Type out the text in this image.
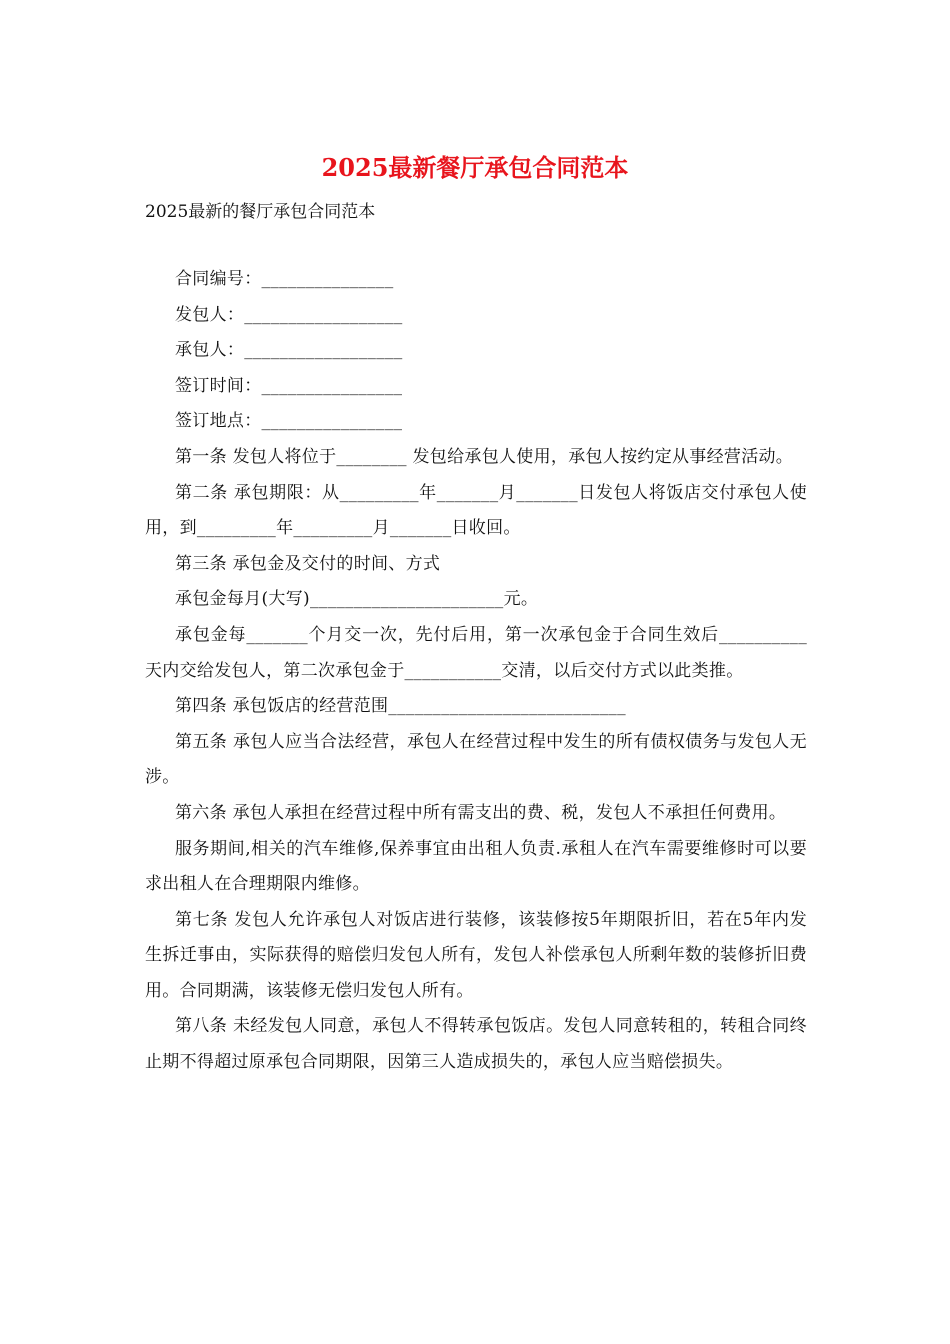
2025最新餐厅承包合同范本
2025最新的餐厅承包合同范本

合同编号：_______________

发包人：__________________

承包人：__________________

签订时间：________________

签订地点：________________

第一条 发包人将位于________ 发包给承包人使用，承包人按约定从事经营活动。

第二条 承包期限：从_________年_______月_______日发包人将饭店交付承包人使用，到_________年_________月_______日收回。

第三条 承包金及交付的时间、方式

承包金每月(大写)______________________元。

承包金每_______个月交一次，先付后用，第一次承包金于合同生效后__________天内交给发包人，第二次承包金于___________交清，以后交付方式以此类推。

第四条 承包饭店的经营范围___________________________

第五条 承包人应当合法经营，承包人在经营过程中发生的所有债权债务与发包人无涉。

第六条 承包人承担在经营过程中所有需支出的费、税，发包人不承担任何费用。

服务期间,相关的汽车维修,保养事宜由出租人负责.承租人在汽车需要维修时可以要求出租人在合理期限内维修。

第七条 发包人允许承包人对饭店进行装修，该装修按5年期限折旧，若在5年内发生拆迁事由，实际获得的赔偿归发包人所有，发包人补偿承包人所剩年数的装修折旧费用。合同期满，该装修无偿归发包人所有。

第八条 未经发包人同意，承包人不得转承包饭店。发包人同意转租的，转租合同终止期不得超过原承包合同期限，因第三人造成损失的，承包人应当赔偿损失。
